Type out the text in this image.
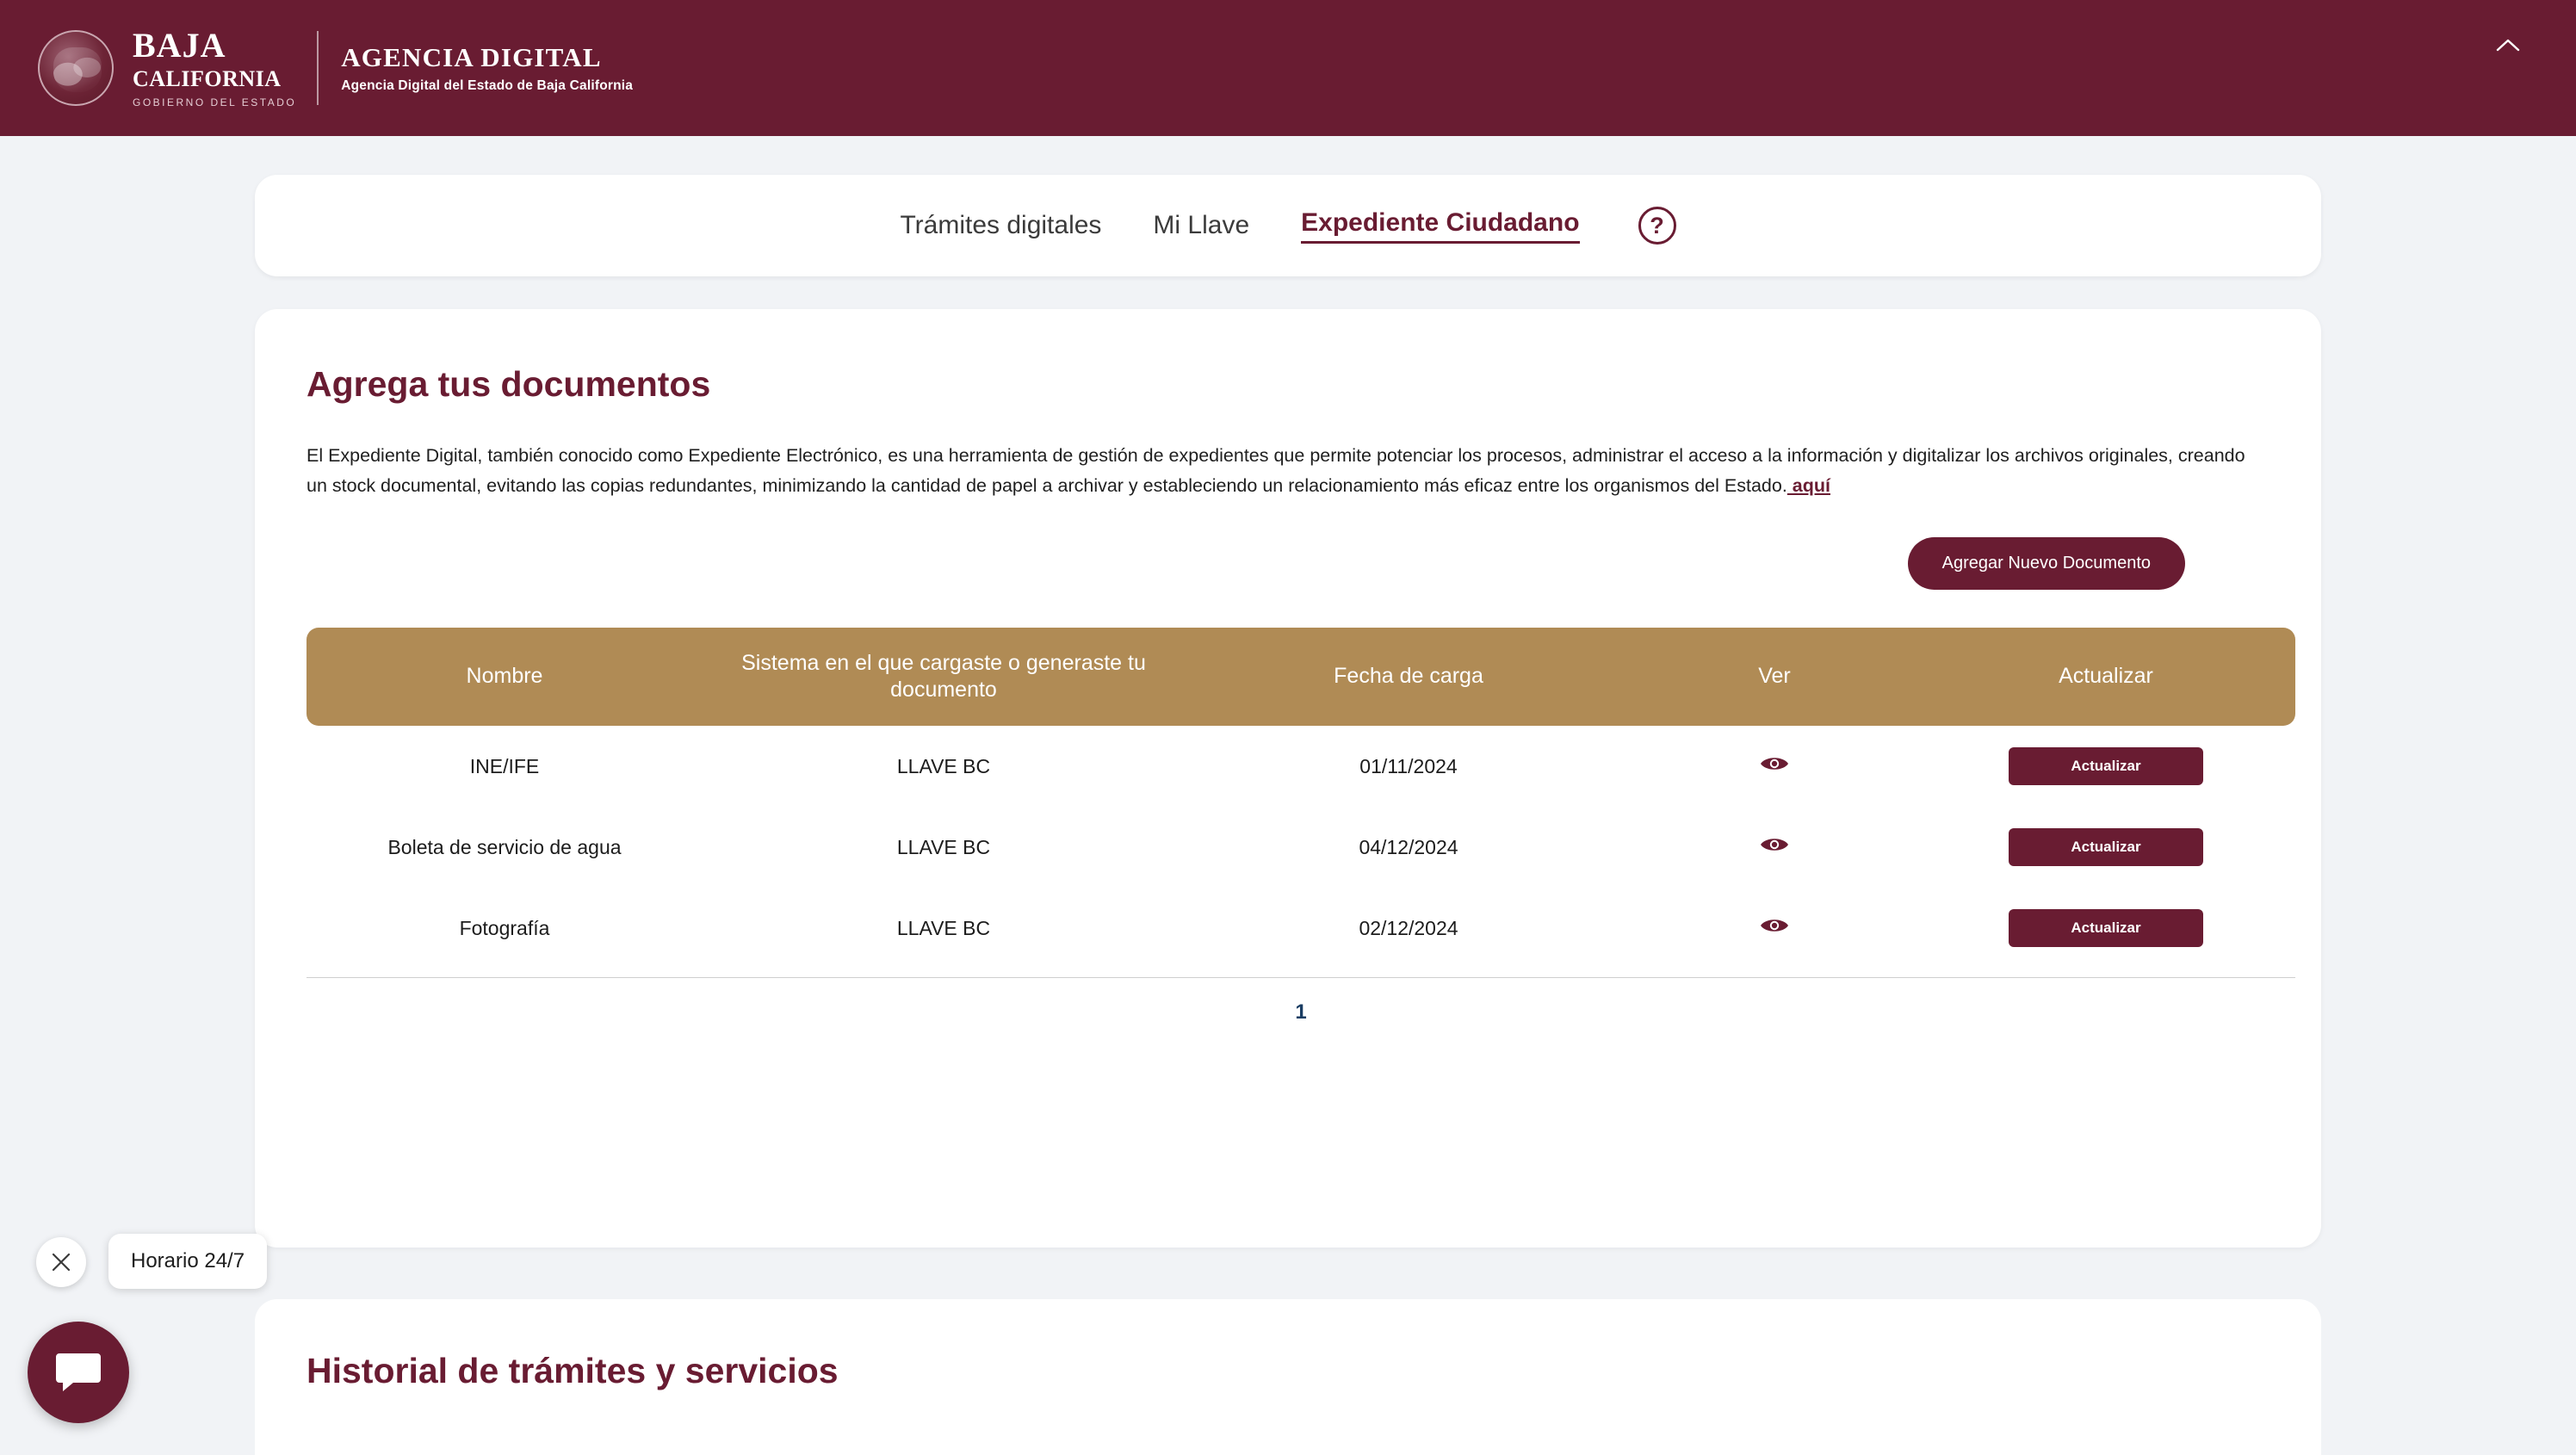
BAJA
CALIFORNIA
GOBIERNO DEL ESTADO
AGENCIA DIGITAL
Agencia Digital del Estado de Baja California
Trámites digitales Mi Llave Expediente Ciudadano	?
Agrega tus documentos

El Expediente Digital, también conocido como Expediente Electrónico, es una herramienta de gestión de expedientes que permite potenciar los procesos, administrar el acceso a la información y digitalizar los archivos originales, creando un stock documental, evitando las copias redundantes, minimizando la cantidad de papel a archivar y estableciendo un relacionamiento más eficaz entre los organismos del Estado. aquí

Agregar Nuevo Documento
Nombre	Sistema en el que cargaste o generaste tu documento	Fecha de carga	Ver	Actualizar
INE/IFE	LLAVE BC	01/11/2024		Actualizar
Boleta de servicio de agua	LLAVE BC	04/12/2024		Actualizar
Fotografía	LLAVE BC	02/12/2024		Actualizar
1
Historial de trámites y servicios
Horario 24/7
